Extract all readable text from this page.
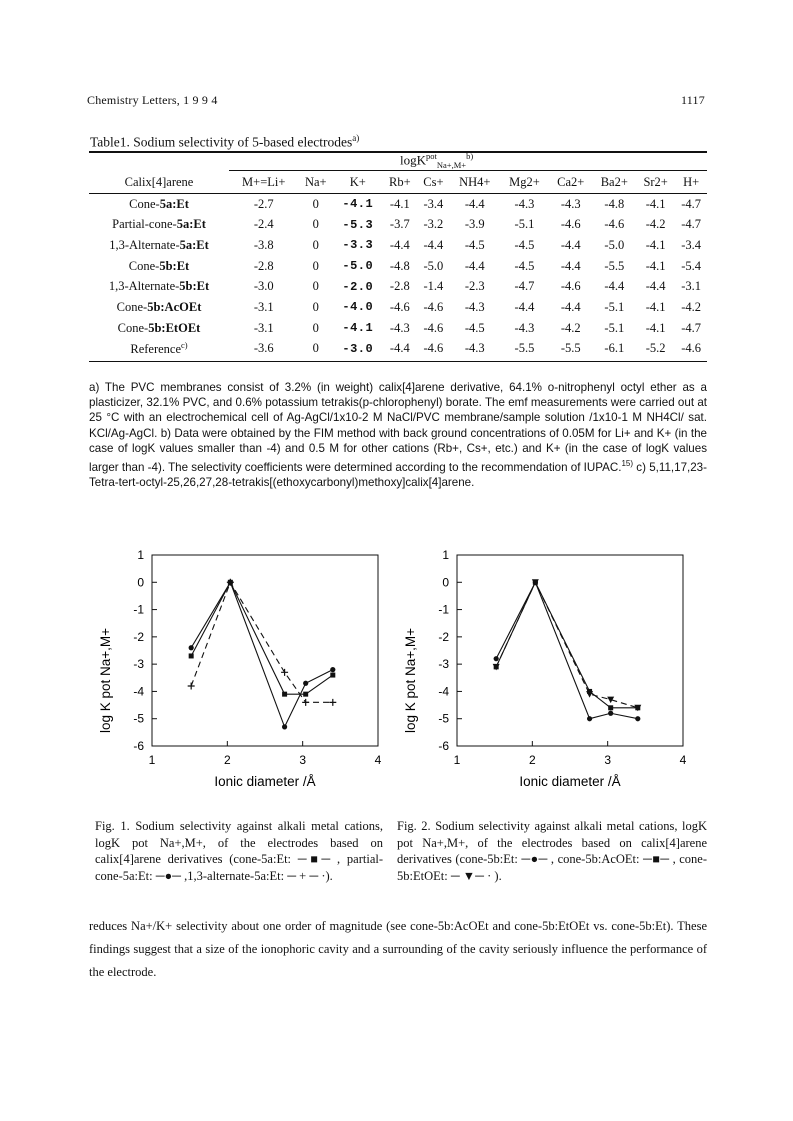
Chemistry Letters, 1 9 9 4	1117
Table1. Sodium selectivity of 5-based electrodes$^{a)}$
logK$^{pot}_{Na+,M+}^{b)}$
Calix[4]arene	M+=Li+	Na+	K+	Rb+	Cs+	NH4+	Mg2+	Ca2+	Ba2+	Sr2+	H+
Cone-5a:Et	-2.7	0	-4.1	-4.1	-3.4	-4.4	-4.3	-4.3	-4.8	-4.1	-4.7
Partial-cone-5a:Et	-2.4	0	-5.3	-3.7	-3.2	-3.9	-5.1	-4.6	-4.6	-4.2	-4.7
1,3-Alternate-5a:Et	-3.8	0	-3.3	-4.4	-4.4	-4.5	-4.5	-4.4	-5.0	-4.1	-3.4
Cone-5b:Et	-2.8	0	-5.0	-4.8	-5.0	-4.4	-4.5	-4.4	-5.5	-4.1	-5.4
1,3-Alternate-5b:Et	-3.0	0	-2.0	-2.8	-1.4	-2.3	-4.7	-4.6	-4.4	-4.4	-3.1
Cone-5b:AcOEt	-3.1	0	-4.0	-4.6	-4.6	-4.3	-4.4	-4.4	-5.1	-4.1	-4.2
Cone-5b:EtOEt	-3.1	0	-4.1	-4.3	-4.6	-4.5	-4.3	-4.2	-5.1	-4.1	-4.7
Reference$^{c)}$	-3.6	0	-3.0	-4.4	-4.6	-4.3	-5.5	-5.5	-6.1	-5.2	-4.6
a) The PVC membranes consist of 3.2% (in weight) calix[4]arene derivative, 64.1% o-nitrophenyl octyl ether as a plasticizer, 32.1% PVC, and 0.6% potassium tetrakis(p-chlorophenyl) borate. The emf measurements were carried out at 25 °C with an electrochemical cell of Ag-AgCl/1x10-2 M NaCl/PVC membrane/sample solution /1x10-1 M NH4Cl/ sat. KCl/Ag-AgCl. b) Data were obtained by the FIM method with back ground concentrations of 0.05M for Li+ and K+ (in the case of logK values smaller than -4) and 0.5 M for other cations (Rb+, Cs+, etc.) and K+ (in the case of logK values larger than -4). The selectivity coefficients were determined according to the recommendation of IUPAC.$^{15)}$ c) 5,11,17,23-Tetra-tert-octyl-25,26,27,28-tetrakis[(ethoxycarbonyl)methoxy]calix[4]arene.
1
0
-1
-2
-3
-4
-5
-6
1	2	3	4
Ionic diameter /Å
log K pot Na+,M+
1
0
-1
-2
-3
-4
-5
-6
1	2	3	4
Ionic diameter /Å
log K pot Na+,M+
Fig. 1. Sodium selectivity against alkali metal cations, logK pot Na+,M+, of the electrodes based on calix[4]arene derivatives (cone-5a:Et: ─■─ , partial-cone-5a:Et: ─●─ ,1,3-alternate-5a:Et: ─ + ─ ·).
Fig. 2. Sodium selectivity against alkali metal cations, logK pot Na+,M+, of the electrodes based on calix[4]arene derivatives (cone-5b:Et: ─●─ , cone-5b:AcOEt: ─■─ , cone-5b:EtOEt: ─ ▼─ · ).
reduces Na+/K+ selectivity about one order of magnitude (see cone-5b:AcOEt and cone-5b:EtOEt vs. cone-5b:Et). These findings suggest that a size of the ionophoric cavity and a surrounding of the cavity seriously influence the performance of the electrode.
